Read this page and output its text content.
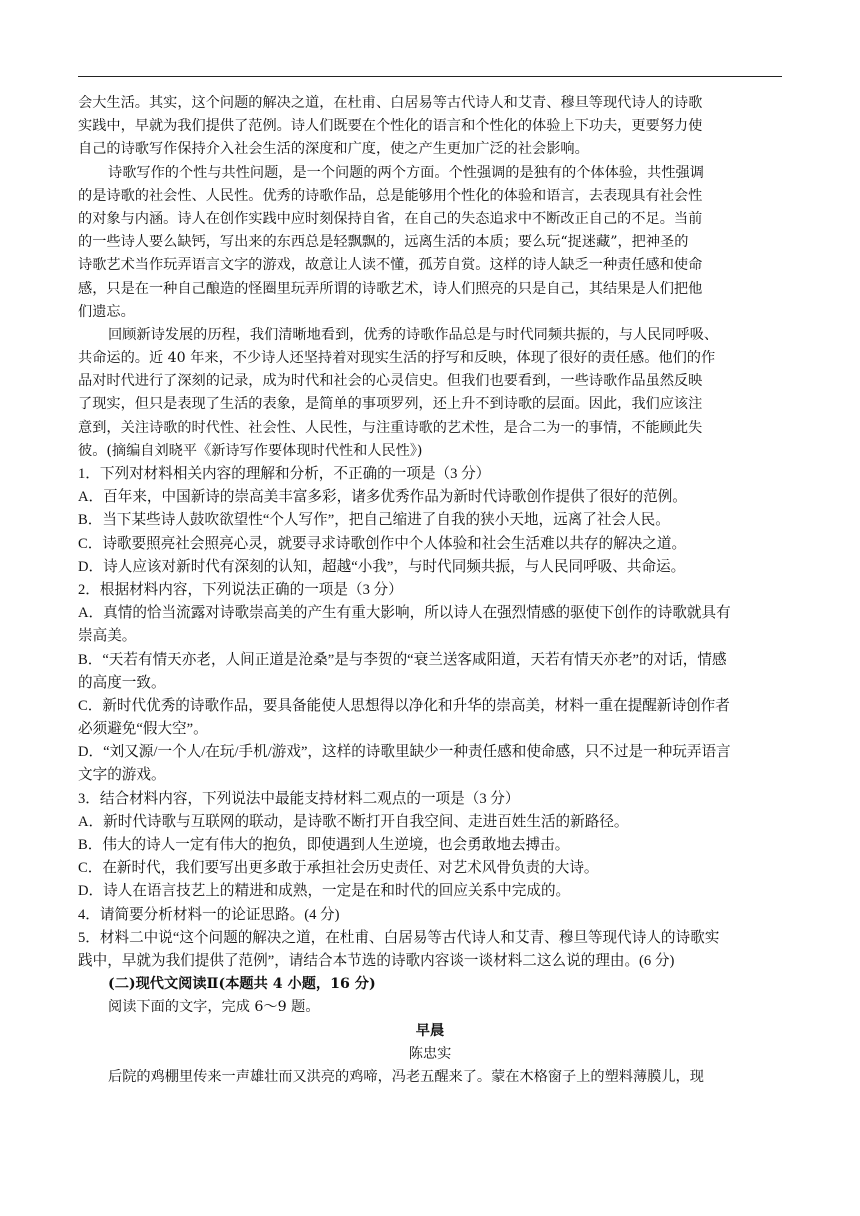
会大生活。其实，这个问题的解决之道，在杜甫、白居易等古代诗人和艾青、穆旦等现代诗人的诗歌
实践中，早就为我们提供了范例。诗人们既要在个性化的语言和个性化的体验上下功夫，更要努力使
自己的诗歌写作保持介入社会生活的深度和广度，使之产生更加广泛的社会影响。
诗歌写作的个性与共性问题，是一个问题的两个方面。个性强调的是独有的个体体验，共性强调
的是诗歌的社会性、人民性。优秀的诗歌作品，总是能够用个性化的体验和语言，去表现具有社会性
的对象与内涵。诗人在创作实践中应时刻保持自省，在自己的失态追求中不断改正自己的不足。当前
的一些诗人要么缺钙，写出来的东西总是轻飘飘的，远离生活的本质；要么玩“捉迷藏”，把神圣的
诗歌艺术当作玩弄语言文字的游戏，故意让人读不懂，孤芳自赏。这样的诗人缺乏一种责任感和使命
感，只是在一种自己酿造的怪圈里玩弄所谓的诗歌艺术，诗人们照亮的只是自己，其结果是人们把他
们遗忘。
回顾新诗发展的历程，我们清晰地看到，优秀的诗歌作品总是与时代同频共振的，与人民同呼吸、
共命运的。近 40 年来，不少诗人还坚持着对现实生活的抒写和反映，体现了很好的责任感。他们的作
品对时代进行了深刻的记录，成为时代和社会的心灵信史。但我们也要看到，一些诗歌作品虽然反映
了现实，但只是表现了生活的表象，是简单的事项罗列，还上升不到诗歌的层面。因此，我们应该注
意到，关注诗歌的时代性、社会性、人民性，与注重诗歌的艺术性，是合二为一的事情，不能顾此失
彼。(摘编自刘晓平《新诗写作要体现时代性和人民性》)
1．下列对材料相关内容的理解和分析，不正确的一项是（3 分）
A．百年来，中国新诗的崇高美丰富多彩，诸多优秀作品为新时代诗歌创作提供了很好的范例。
B．当下某些诗人鼓吹欲望性“个人写作”，把自己缩进了自我的狭小天地，远离了社会人民。
C．诗歌要照亮社会照亮心灵，就要寻求诗歌创作中个人体验和社会生活难以共存的解决之道。
D．诗人应该对新时代有深刻的认知，超越“小我”，与时代同频共振，与人民同呼吸、共命运。
2．根据材料内容，下列说法正确的一项是（3 分）
A．真情的恰当流露对诗歌崇高美的产生有重大影响，所以诗人在强烈情感的驱使下创作的诗歌就具有
崇高美。
B．“天若有情天亦老，人间正道是沧桑”是与李贺的“衰兰送客咸阳道，天若有情天亦老”的对话，情感
的高度一致。
C．新时代优秀的诗歌作品，要具备能使人思想得以净化和升华的崇高美，材料一重在提醒新诗创作者
必须避免“假大空”。
D．“刘又源/一个人/在玩/手机/游戏”，这样的诗歌里缺少一种责任感和使命感，只不过是一种玩弄语言
文字的游戏。
3．结合材料内容，下列说法中最能支持材料二观点的一项是（3 分）
A．新时代诗歌与互联网的联动，是诗歌不断打开自我空间、走进百姓生活的新路径。
B．伟大的诗人一定有伟大的抱负，即使遇到人生逆境，也会勇敢地去搏击。
C．在新时代，我们要写出更多敢于承担社会历史责任、对艺术风骨负责的大诗。
D．诗人在语言技艺上的精进和成熟，一定是在和时代的回应关系中完成的。
4．请简要分析材料一的论证思路。(4 分)
5．材料二中说“这个问题的解决之道，在杜甫、白居易等古代诗人和艾青、穆旦等现代诗人的诗歌实
践中，早就为我们提供了范例”，请结合本节选的诗歌内容谈一谈材料二这么说的理由。(6 分)
(二)现代文阅读Ⅱ(本题共 4 小题，16 分)
阅读下面的文字，完成 6～9 题。
早晨
陈忠实
后院的鸡棚里传来一声雄壮而又洪亮的鸡啼，冯老五醒来了。蒙在木格窗子上的塑料薄膜儿，现
